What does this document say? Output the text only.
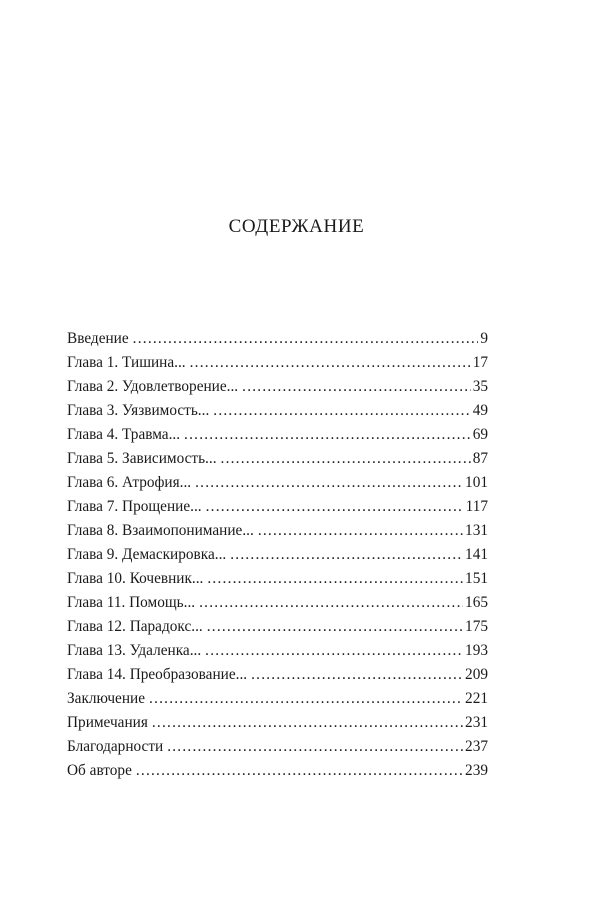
СОДЕРЖАНИЕ
Введение . . .	9
Глава 1. Тишина... . . .	17
Глава 2. Удовлетворение... . . .	35
Глава 3. Уязвимость... . . .	49
Глава 4. Травма... . . .	69
Глава 5. Зависимость... . . .	87
Глава 6. Атрофия... . . .	101
Глава 7. Прощение... . . .	117
Глава 8. Взаимопонимание... . . .	131
Глава 9. Демаскировка... . . .	141
Глава 10. Кочевник... . . .	151
Глава 11. Помощь... . . .	165
Глава 12. Парадокс... . . .	175
Глава 13. Удаленка... . . .	193
Глава 14. Преобразование... . . .	209
Заключение . . .	221
Примечания . . .	231
Благодарности . . .	237
Об авторе . . .	239
